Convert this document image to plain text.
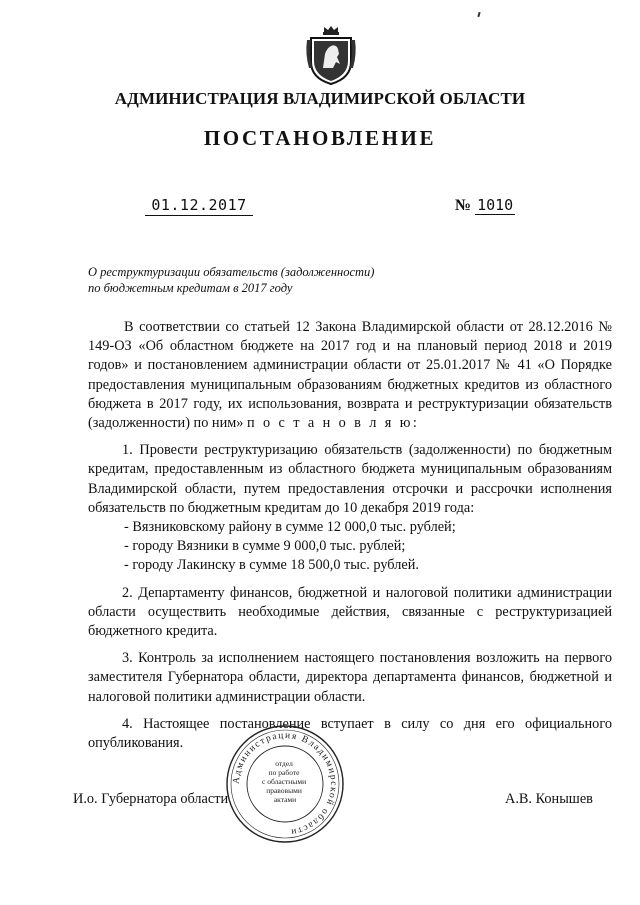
АДМИНИСТРАЦИЯ ВЛАДИМИРСКОЙ ОБЛАСТИ
ПОСТАНОВЛЕНИЕ
01.12.2017	№ 1010
О реструктуризации обязательств (задолженности)
по бюджетным кредитам в 2017 году

В соответствии со статьей 12 Закона Владимирской области от 28.12.2016 № 149-ОЗ «Об областном бюджете на 2017 год и на плановый период 2018 и 2019 годов» и постановлением администрации области от 25.01.2017 № 41 «О Порядке предоставления муниципальным образованиям бюджетных кредитов из областного бюджета в 2017 году, их использования, возврата и реструктуризации обязательств (задолженности) по ним» п о с т а н о в л я ю:

1. Провести реструктуризацию обязательств (задолженности) по бюджетным кредитам, предоставленным из областного бюджета муниципальным образованиям Владимирской области, путем предоставления отсрочки и рассрочки исполнения обязательств по бюджетным кредитам до 10 декабря 2019 года:

- Вязниковскому району в сумме 12 000,0 тыс. рублей;

- городу Вязники в сумме 9 000,0 тыс. рублей;

- городу Лакинску в сумме 18 500,0 тыс. рублей.

2. Департаменту финансов, бюджетной и налоговой политики администрации области осуществить необходимые действия, связанные с реструктуризацией бюджетного кредита.

3. Контроль за исполнением настоящего постановления возложить на первого заместителя Губернатора области, директора департамента финансов, бюджетной и налоговой политики администрации области.

4. Настоящее постановление вступает в силу со дня его официального опубликования.

И.о. Губернатора области	А.В. Конышев
Администрация Владимирской области
отдел по работе с областными правовыми актами
